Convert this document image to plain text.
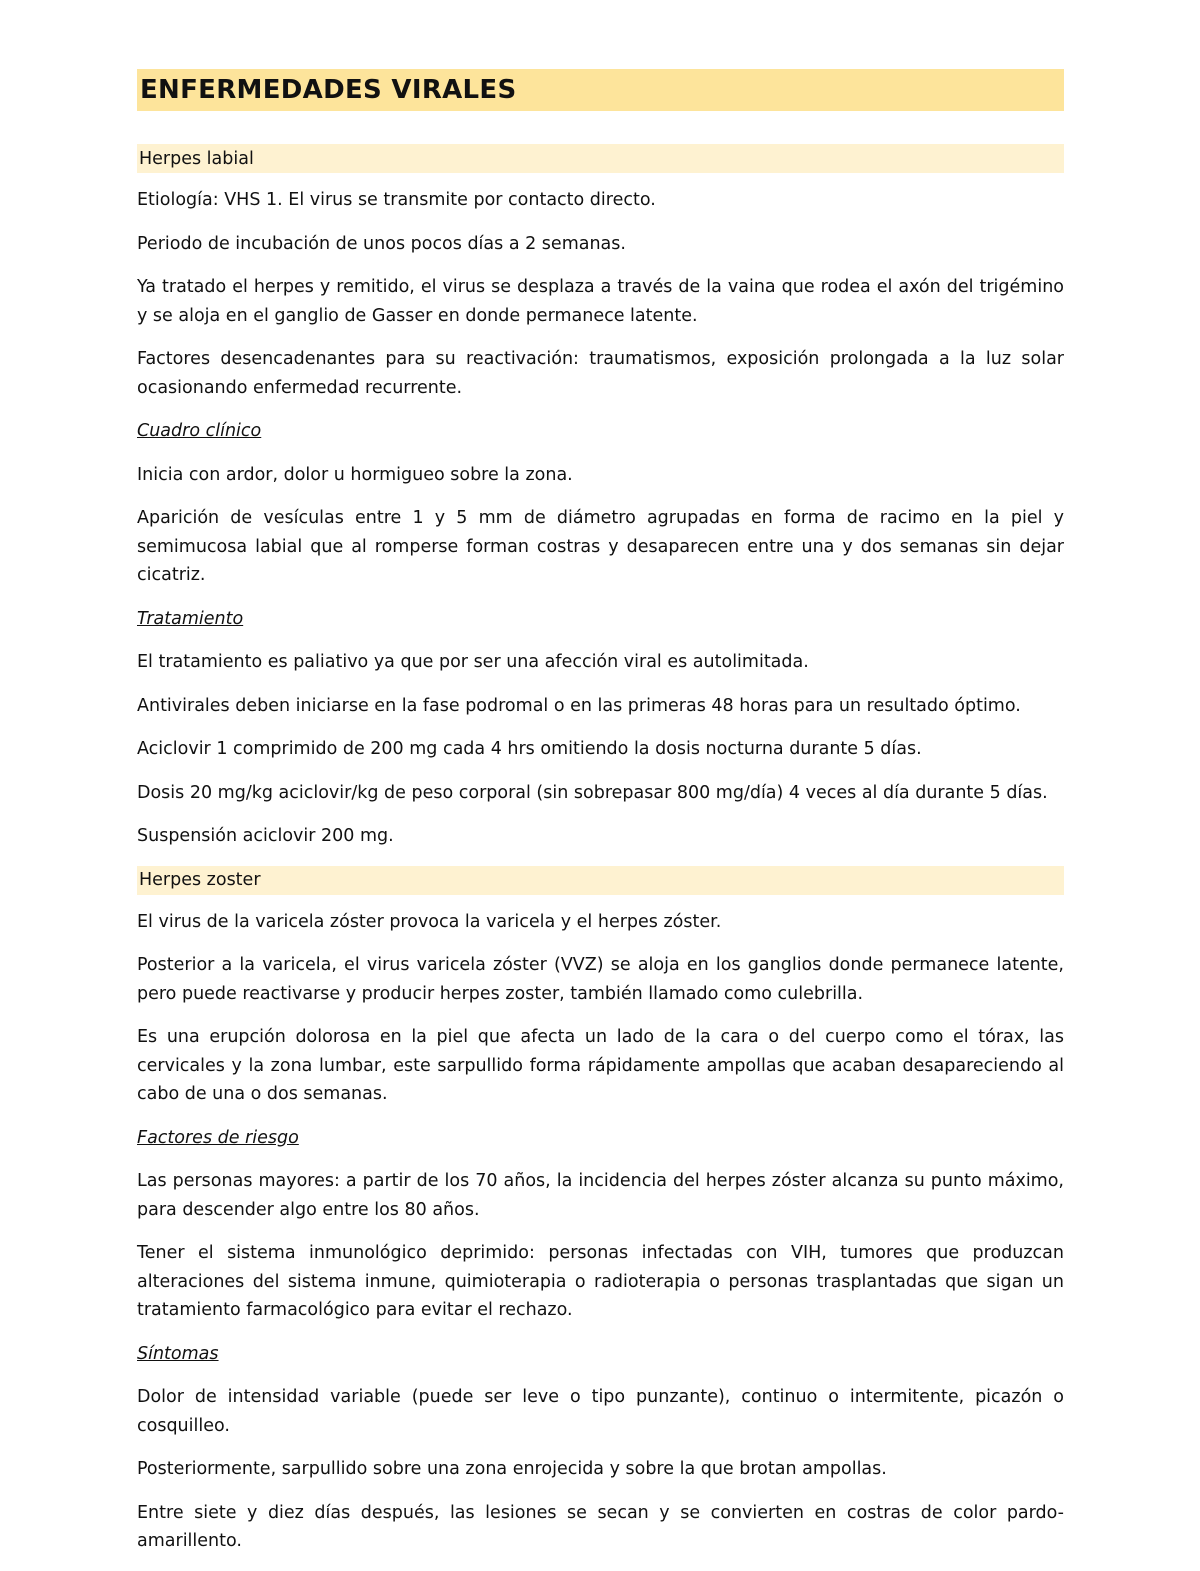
ENFERMEDADES VIRALES
Herpes labial

Etiología: VHS 1. El virus se transmite por contacto directo.

Periodo de incubación de unos pocos días a 2 semanas.

Ya tratado el herpes y remitido, el virus se desplaza a través de la vaina que rodea el axón del trigémino y se aloja en el ganglio de Gasser en donde permanece latente.

Factores desencadenantes para su reactivación: traumatismos, exposición prolongada a la luz solar ocasionando enfermedad recurrente.

Cuadro clínico

Inicia con ardor, dolor u hormigueo sobre la zona.

Aparición de vesículas entre 1 y 5 mm de diámetro agrupadas en forma de racimo en la piel y semimucosa labial que al romperse forman costras y desaparecen entre una y dos semanas sin dejar cicatriz.

Tratamiento

El tratamiento es paliativo ya que por ser una afección viral es autolimitada.

Antivirales deben iniciarse en la fase podromal o en las primeras 48 horas para un resultado óptimo.

Aciclovir 1 comprimido de 200 mg cada 4 hrs omitiendo la dosis nocturna durante 5 días.

Dosis 20 mg/kg aciclovir/kg de peso corporal (sin sobrepasar 800 mg/día) 4 veces al día durante 5 días.

Suspensión aciclovir 200 mg.

Herpes zoster

El virus de la varicela zóster provoca la varicela y el herpes zóster.

Posterior a la varicela, el virus varicela zóster (VVZ) se aloja en los ganglios donde permanece latente, pero puede reactivarse y producir herpes zoster, también llamado como culebrilla.

Es una erupción dolorosa en la piel que afecta un lado de la cara o del cuerpo como el tórax, las cervicales y la zona lumbar, este sarpullido forma rápidamente ampollas que acaban desapareciendo al cabo de una o dos semanas.

Factores de riesgo

Las personas mayores: a partir de los 70 años, la incidencia del herpes zóster alcanza su punto máximo, para descender algo entre los 80 años.

Tener el sistema inmunológico deprimido: personas infectadas con VIH, tumores que produzcan alteraciones del sistema inmune, quimioterapia o radioterapia o personas trasplantadas que sigan un tratamiento farmacológico para evitar el rechazo.

Síntomas

Dolor de intensidad variable (puede ser leve o tipo punzante), continuo o intermitente, picazón o cosquilleo.

Posteriormente, sarpullido sobre una zona enrojecida y sobre la que brotan ampollas.

Entre siete y diez días después, las lesiones se secan y se convierten en costras de color pardo-amarillento.
